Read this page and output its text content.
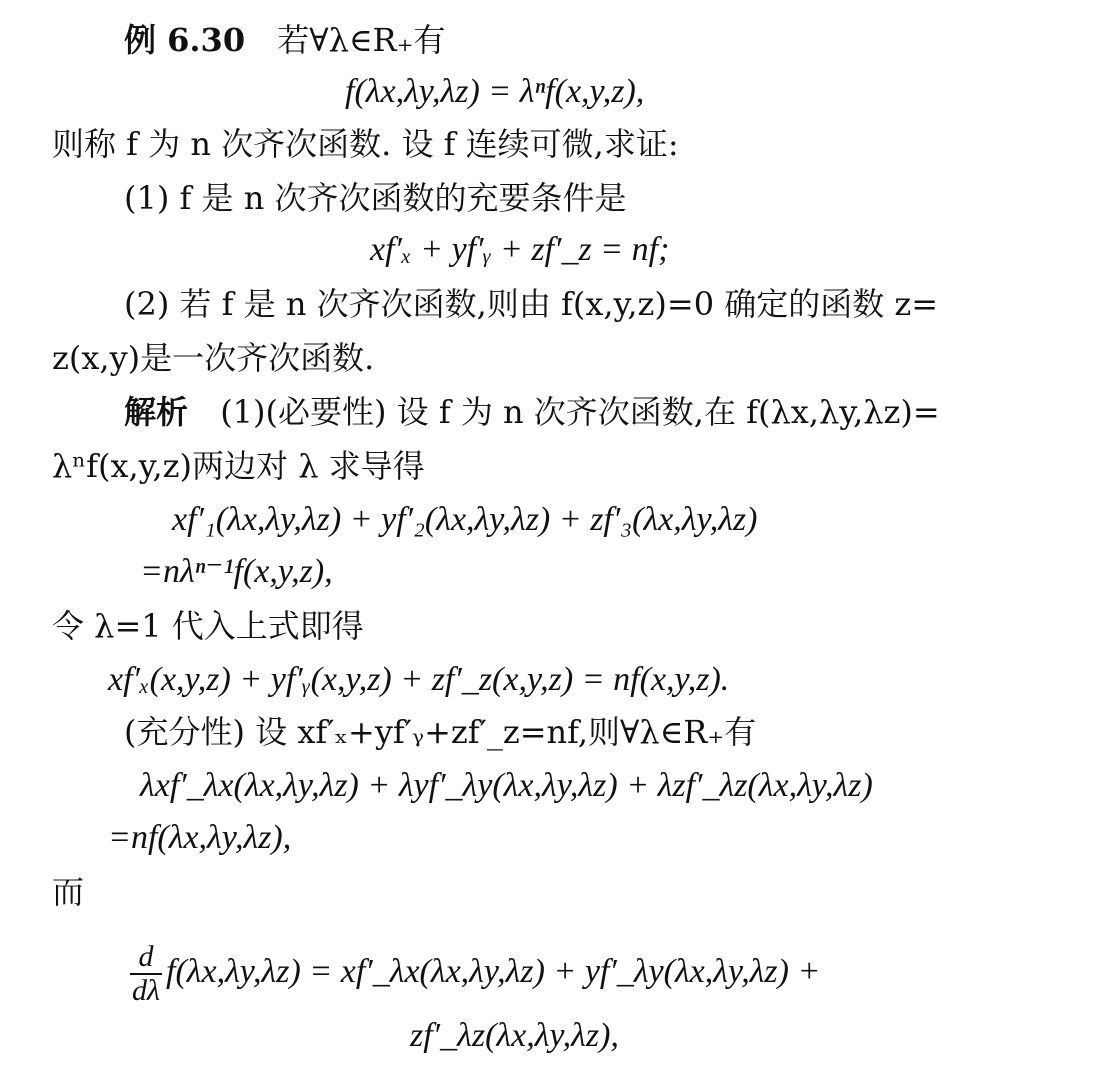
例 6.30 若∀λ∈R₊有
f(λx,λy,λz) = λⁿf(x,y,z),
则称 f 为 n 次齐次函数. 设 f 连续可微,求证:
(1) f 是 n 次齐次函数的充要条件是
xf′ₓ + yf′ᵧ + zf′_z = nf;
(2) 若 f 是 n 次齐次函数,则由 f(x,y,z)=0 确定的函数 z=
z(x,y)是一次齐次函数.
解析 (1)(必要性) 设 f 为 n 次齐次函数,在 f(λx,λy,λz)=
λⁿf(x,y,z)两边对 λ 求导得
xf′₁(λx,λy,λz) + yf′₂(λx,λy,λz) + zf′₃(λx,λy,λz)
=nλⁿ⁻¹f(x,y,z),
令 λ=1 代入上式即得
xf′ₓ(x,y,z) + yf′ᵧ(x,y,z) + zf′_z(x,y,z) = nf(x,y,z).
(充分性) 设 xf′ₓ+yf′ᵧ+zf′_z=nf,则∀λ∈R₊有
λxf′_λx(λx,λy,λz) + λyf′_λy(λx,λy,λz) + λzf′_λz(λx,λy,λz)
=nf(λx,λy,λz),
而
$\frac{d}{d\lambda} f(\lambda x,\lambda y,\lambda z)$ = xf′_λx(λx,λy,λz) + yf′_λy(λx,λy,λz) +
zf′_λz(λx,λy,λz),
